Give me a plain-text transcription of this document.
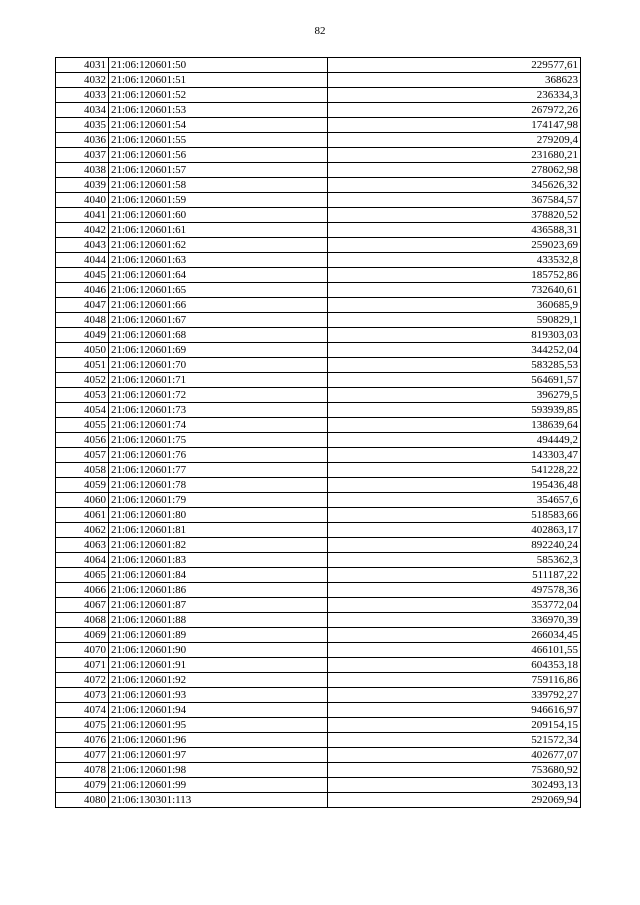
82
4031	21:06:120601:50	229577,61
4032	21:06:120601:51	368623
4033	21:06:120601:52	236334,3
4034	21:06:120601:53	267972,26
4035	21:06:120601:54	174147,98
4036	21:06:120601:55	279209,4
4037	21:06:120601:56	231680,21
4038	21:06:120601:57	278062,98
4039	21:06:120601:58	345626,32
4040	21:06:120601:59	367584,57
4041	21:06:120601:60	378820,52
4042	21:06:120601:61	436588,31
4043	21:06:120601:62	259023,69
4044	21:06:120601:63	433532,8
4045	21:06:120601:64	185752,86
4046	21:06:120601:65	732640,61
4047	21:06:120601:66	360685,9
4048	21:06:120601:67	590829,1
4049	21:06:120601:68	819303,03
4050	21:06:120601:69	344252,04
4051	21:06:120601:70	583285,53
4052	21:06:120601:71	564691,57
4053	21:06:120601:72	396279,5
4054	21:06:120601:73	593939,85
4055	21:06:120601:74	138639,64
4056	21:06:120601:75	494449,2
4057	21:06:120601:76	143303,47
4058	21:06:120601:77	541228,22
4059	21:06:120601:78	195436,48
4060	21:06:120601:79	354657,6
4061	21:06:120601:80	518583,66
4062	21:06:120601:81	402863,17
4063	21:06:120601:82	892240,24
4064	21:06:120601:83	585362,3
4065	21:06:120601:84	511187,22
4066	21:06:120601:86	497578,36
4067	21:06:120601:87	353772,04
4068	21:06:120601:88	336970,39
4069	21:06:120601:89	266034,45
4070	21:06:120601:90	466101,55
4071	21:06:120601:91	604353,18
4072	21:06:120601:92	759116,86
4073	21:06:120601:93	339792,27
4074	21:06:120601:94	946616,97
4075	21:06:120601:95	209154,15
4076	21:06:120601:96	521572,34
4077	21:06:120601:97	402677,07
4078	21:06:120601:98	753680,92
4079	21:06:120601:99	302493,13
4080	21:06:130301:113	292069,94
